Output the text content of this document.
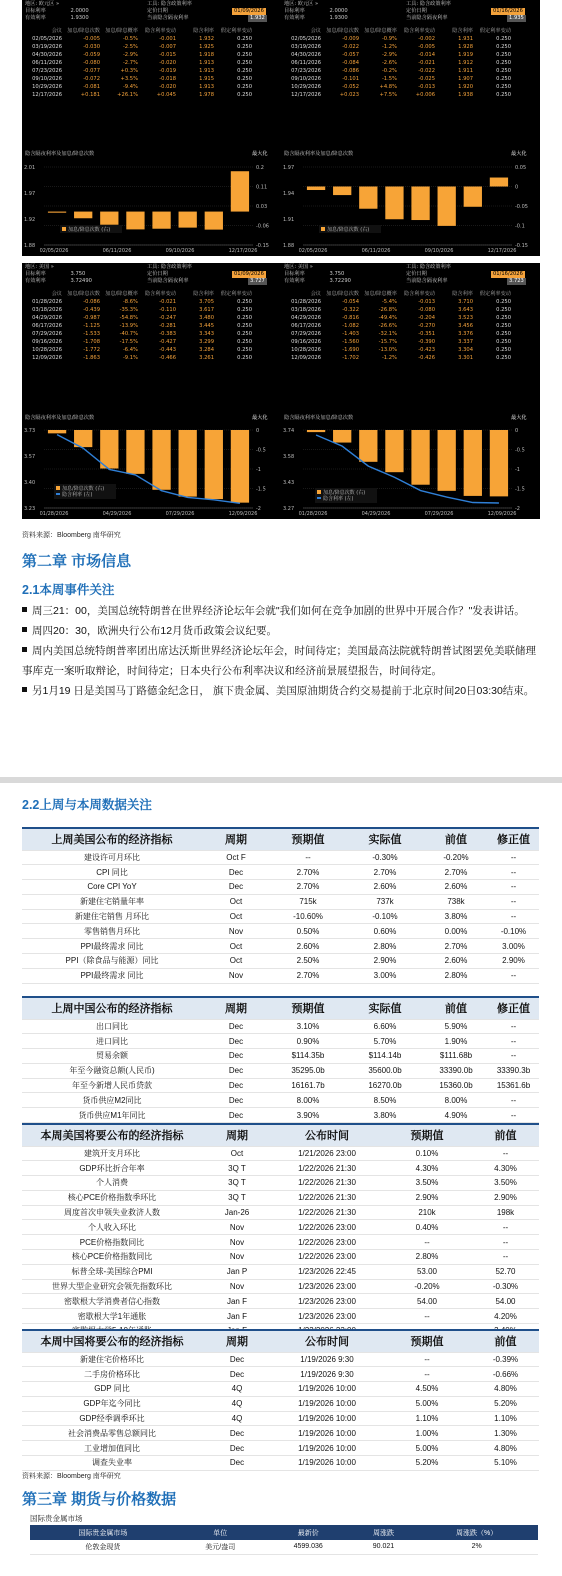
地区: 欧元区 »
目标利率	2.0000
有效利率	1.9300
工具: 隐含政策利率
定价日期
当前隐含隔夜利率
01/09/2026
1.932
会议 加息/降息次数 加息/降息概率	隐含利率变动	隐含利率	假定利率变动
02/05/2026	-0.005	-0.5%	-0.001	1.932	0.250
03/19/2026	-0.030	-2.5%	-0.007	1.925	0.250
04/30/2026	-0.059	-2.9%	-0.015	1.918	0.250
06/11/2026	-0.080	-2.7%	-0.020	1.913	0.250
07/23/2026	-0.077	+0.3%	-0.019	1.913	0.250
09/10/2026	-0.072	+3.5%	-0.018	1.915	0.250
10/29/2026	-0.081	-9.4%	-0.020	1.913	0.250
12/17/2026	+0.181	+26.1%	+0.045	1.978	0.250
隐含隔夜利率及加息/降息次数	最大化
0.2
0.11
0.03
-0.06
-0.15
2.01
1.97
1.92
1.88
02/05/2026	06/11/2026	09/10/2026	12/17/2026
加息/降息次数 (右)
地区: 欧元区 »
目标利率	2.0000
有效利率	1.9300
工具: 隐含政策利率
定价日期
当前隐含隔夜利率
01/16/2026
1.935
会议 加息/降息次数 加息/降息概率	隐含利率变动	隐含利率	假定利率变动
02/05/2026	-0.009	-0.9%	-0.002	1.931	0.250
03/19/2026	-0.022	-1.2%	-0.005	1.928	0.250
04/30/2026	-0.057	-2.9%	-0.014	1.919	0.250
06/11/2026	-0.084	-2.6%	-0.021	1.912	0.250
07/23/2026	-0.086	-0.2%	-0.022	1.911	0.250
09/10/2026	-0.101	-1.5%	-0.025	1.907	0.250
10/29/2026	-0.052	+4.8%	-0.013	1.920	0.250
12/17/2026	+0.023	+7.5%	+0.006	1.938	0.250
隐含隔夜利率及加息/降息次数	最大化
0.05
0
-0.05
-0.1
-0.15
1.97
1.94
1.91
1.88
02/05/2026	06/11/2026	09/10/2026	12/17/2026
加息/降息次数 (右)
地区: 美国 »
目标利率	3.750
有效利率	3.72490
工具: 隐含政策利率
定价日期
当前隐含隔夜利率
01/09/2026
3.727
会议 加息/降息次数 加息/降息概率	隐含利率变动	隐含利率	假定利率变动
01/28/2026	-0.086	-8.6%	-0.021	3.705	0.250
03/18/2026	-0.439	-35.3%	-0.110	3.617	0.250
04/29/2026	-0.987	-54.8%	-0.247	3.480	0.250
06/17/2026	-1.125	-13.9%	-0.281	3.445	0.250
07/29/2026	-1.533	-40.7%	-0.383	3.343	0.250
09/16/2026	-1.708	-17.5%	-0.427	3.299	0.250
10/28/2026	-1.772	-6.4%	-0.443	3.284	0.250
12/09/2026	-1.863	-9.1%	-0.466	3.261	0.250
隐含隔夜利率及加息/降息次数	最大化
0
-0.5
-1
-1.5
-2
3.73
3.57
3.40
3.23
01/28/2026	04/29/2026	07/29/2026	12/09/2026
加息/降息次数 (右)
隐含利率 (左)
地区: 美国 »
目标利率	3.750
有效利率	3.72290
工具: 隐含政策利率
定价日期
当前隐含隔夜利率
01/16/2026
3.723
会议 加息/降息次数 加息/降息概率	隐含利率变动	隐含利率	假定利率变动
01/28/2026	-0.054	-5.4%	-0.013	3.710	0.250
03/18/2026	-0.322	-26.8%	-0.080	3.643	0.250
04/29/2026	-0.816	-49.4%	-0.204	3.523	0.250
06/17/2026	-1.082	-26.6%	-0.270	3.456	0.250
07/29/2026	-1.403	-32.1%	-0.351	3.376	0.250
09/16/2026	-1.560	-15.7%	-0.390	3.337	0.250
10/28/2026	-1.690	-13.0%	-0.423	3.304	0.250
12/09/2026	-1.702	-1.2%	-0.426	3.301	0.250
隐含隔夜利率及加息/降息次数	最大化
0
-0.5
-1
-1.5
-2
3.74
3.58
3.43
3.27
01/28/2026	04/29/2026	07/29/2026	12/09/2026
加息/降息次数 (右)
隐含利率 (左)
资料来源：Bloomberg 南华研究
第二章 市场信息
2.1本周事件关注
周三21：00，美国总统特朗普在世界经济论坛年会就"我们如何在竞争加剧的世界中开展合作？"发表讲话。
周四20：30，欧洲央行公布12月货币政策会议纪要。
周内美国总统特朗普率团出席达沃斯世界经济论坛年会，时间待定；美国最高法院就特朗普试图罢免美联储理事库克一案听取辩论，时间待定；日本央行公布利率决议和经济前景展望报告，时间待定。
另1月19 日是美国马丁路德金纪念日， 旗下贵金属、美国原油期货合约交易提前于北京时间20日03:30结束。
2.2上周与本周数据关注
上周美国公布的经济指标	周期	预期值	实际值	前值	修正值
建设许可月环比	Oct F	--	-0.30%	-0.20%	--
CPI 同比	Dec	2.70%	2.70%	2.70%	--
Core CPI YoY	Dec	2.70%	2.60%	2.60%	--
新建住宅销量年率	Oct	715k	737k	738k	--
新建住宅销售 月环比	Oct	-10.60%	-0.10%	3.80%	--
零售销售月环比	Nov	0.50%	0.60%	0.00%	-0.10%
PPI最终需求 同比	Oct	2.60%	2.80%	2.70%	3.00%
PPI（除食品与能源）同比	Oct	2.50%	2.90%	2.60%	2.90%
PPI最终需求 同比	Nov	2.70%	3.00%	2.80%	--
上周中国公布的经济指标	周期	预期值	实际值	前值	修正值
出口同比	Dec	3.10%	6.60%	5.90%	--
进口同比	Dec	0.90%	5.70%	1.90%	--
贸易余额	Dec	$114.35b	$114.14b	$111.68b	--
年至今融资总额(人民币)	Dec	35295.0b	35600.0b	33390.0b	33390.3b
年至今新增人民币贷款	Dec	16161.7b	16270.0b	15360.0b	15361.6b
货币供应M2同比	Dec	8.00%	8.50%	8.00%	--
货币供应M1年同比	Dec	3.90%	3.80%	4.90%	--
本周美国将要公布的经济指标	周期	公布时间	预期值	前值
建筑开支月环比	Oct	1/21/2026 23:00	0.10%	--
GDP环比折合年率	3Q T	1/22/2026 21:30	4.30%	4.30%
个人消费	3Q T	1/22/2026 21:30	3.50%	3.50%
核心PCE价格指数季环比	3Q T	1/22/2026 21:30	2.90%	2.90%
周度首次申领失业救济人数	Jan-26	1/22/2026 21:30	210k	198k
个人收入环比	Nov	1/22/2026 23:00	0.40%	--
PCE价格指数同比	Nov	1/22/2026 23:00	--	--
核心PCE价格指数同比	Nov	1/22/2026 23:00	2.80%	--
标普全球-美国综合PMI	Jan P	1/23/2026 22:45	53.00	52.70
世界大型企业研究会领先指数环比	Nov	1/23/2026 23:00	-0.20%	-0.30%
密歇根大学消费者信心指数	Jan F	1/23/2026 23:00	54.00	54.00
密歇根大学1年通胀	Jan F	1/23/2026 23:00	--	4.20%

本周中国将要公布的经济指标	周期	公布时间	预期值	前值
新建住宅价格环比	Dec	1/19/2026 9:30	--	-0.39%
二手房价格环比	Dec	1/19/2026 9:30	--	-0.66%
GDP 同比	4Q	1/19/2026 10:00	4.50%	4.80%
GDP年迄今同比	4Q	1/19/2026 10:00	5.00%	5.20%
GDP经季调季环比	4Q	1/19/2026 10:00	1.10%	1.10%
社会消费品零售总额同比	Dec	1/19/2026 10:00	1.00%	1.30%
工业增加值同比	Dec	1/19/2026 10:00	5.00%	4.80%
调查失业率	Dec	1/19/2026 10:00	5.20%	5.10%
资料来源：Bloomberg 南华研究
第三章 期货与价格数据
国际贵金属市场
国际贵金属市场	单位	最新价	周涨跌	周涨跌（%）
伦敦金现货	美元/盎司	4599.036	90.021	2%
